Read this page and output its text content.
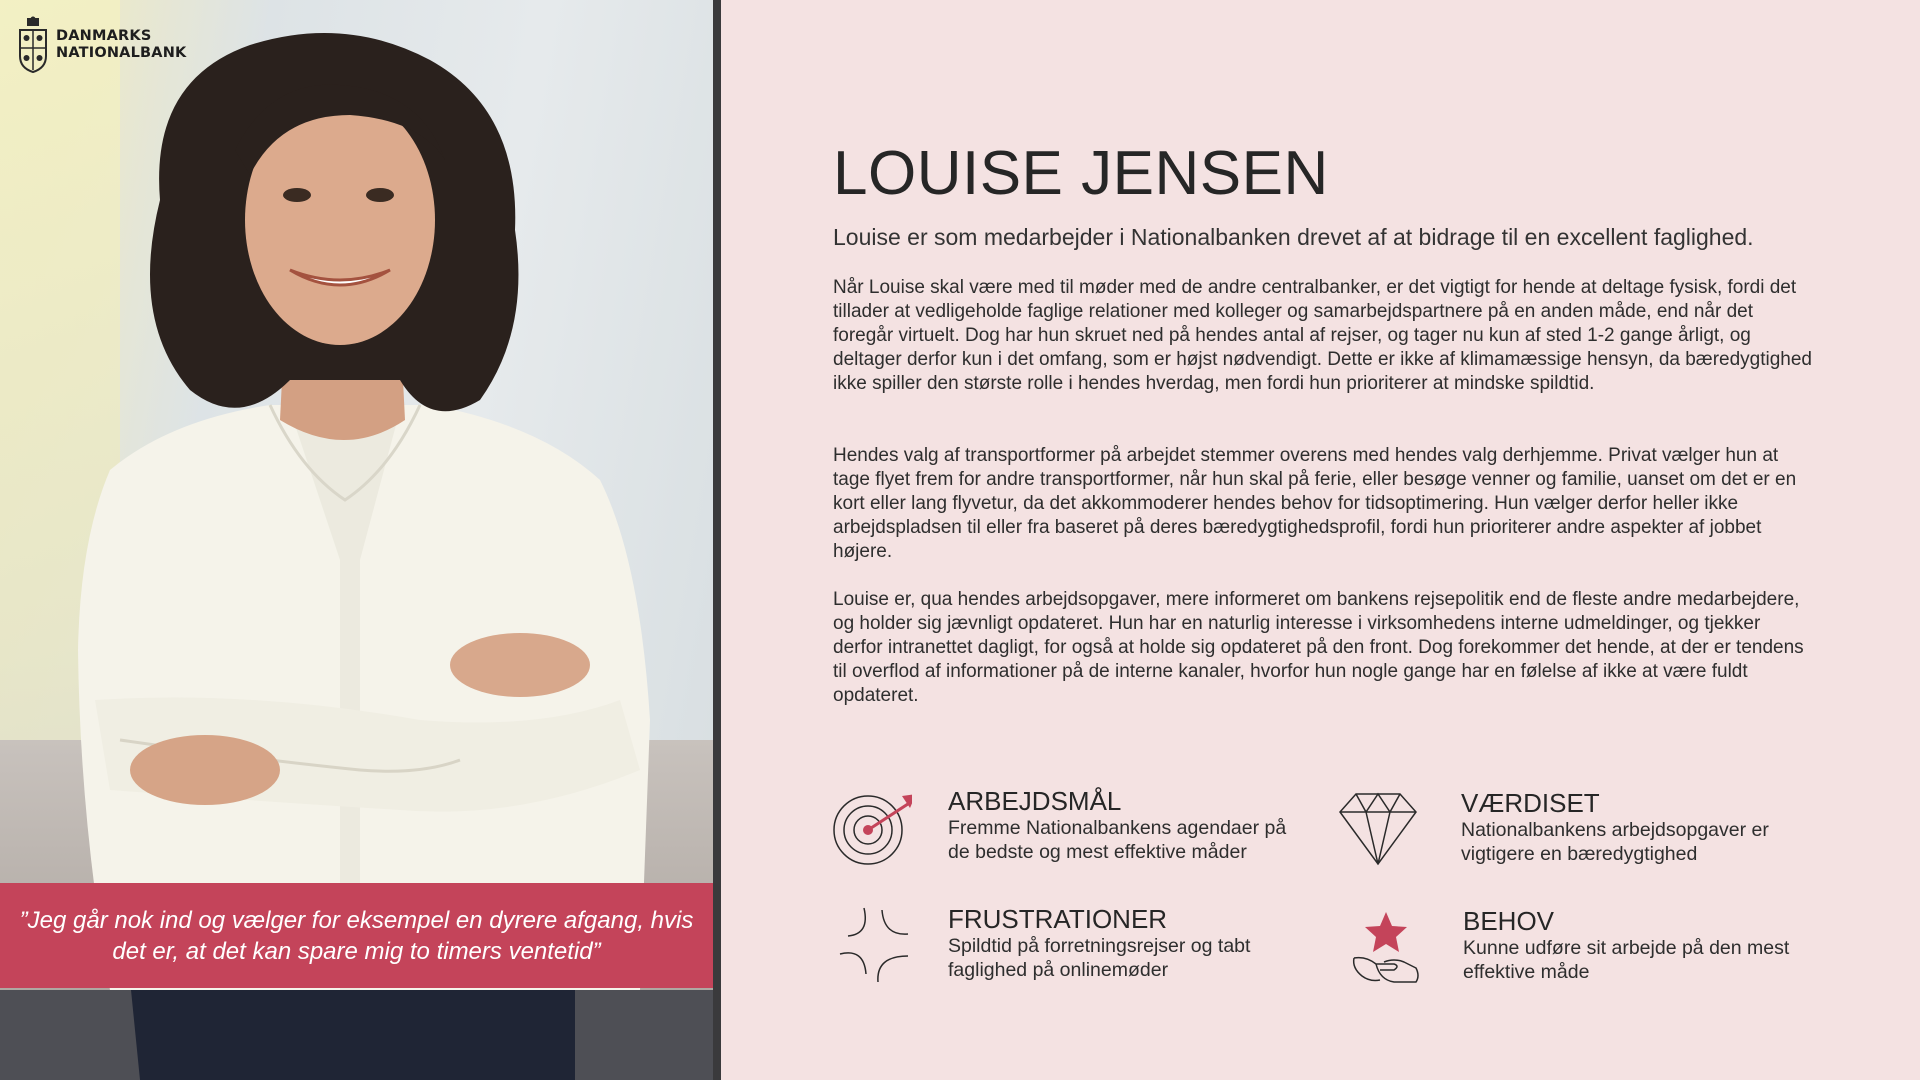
DANMARKS
NATIONALBANK

”Jeg går nok ind og vælger for eksempel en dyrere afgang, hvis det er, at det kan spare mig to timers ventetid”

LOUISE JENSEN
Louise er som medarbejder i Nationalbanken drevet af at bidrage til en excellent faglighed.

Når Louise skal være med til møder med de andre centralbanker, er det vigtigt for hende at deltage fysisk, fordi det tillader at vedligeholde faglige relationer med kolleger og samarbejdspartnere på en anden måde, end når det foregår virtuelt. Dog har hun skruet ned på hendes antal af rejser, og tager nu kun af sted 1-2 gange årligt, og deltager derfor kun i det omfang, som er højst nødvendigt. Dette er ikke af klimamæssige hensyn, da bæredygtighed ikke spiller den største rolle i hendes hverdag, men fordi hun prioriterer at mindske spildtid.

Hendes valg af transportformer på arbejdet stemmer overens med hendes valg derhjemme. Privat vælger hun at tage flyet frem for andre transportformer, når hun skal på ferie, eller besøge venner og familie, uanset om det er en kort eller lang flyvetur, da det akkommoderer hendes behov for tidsoptimering. Hun vælger derfor heller ikke arbejdspladsen til eller fra baseret på deres bæredygtighedsprofil, fordi hun prioriterer andre aspekter af jobbet højere.

Louise er, qua hendes arbejdsopgaver, mere informeret om bankens rejsepolitik end de fleste andre medarbejdere, og holder sig jævnligt opdateret. Hun har en naturlig interesse i virksomhedens interne udmeldinger, og tjekker derfor intranettet dagligt, for også at holde sig opdateret på den front. Dog forekommer det hende, at der er tendens til overflod af informationer på de interne kanaler, hvorfor hun nogle gange har en følelse af ikke at være fuldt opdateret.

ARBEJDSMÅL

Fremme Nationalbankens agendaer på de bedste og mest effektive måder

VÆRDISET

Nationalbankens arbejdsopgaver er vigtigere en bæredygtighed

FRUSTRATIONER

Spildtid på forretningsrejser og tabt faglighed på onlinemøder

BEHOV

Kunne udføre sit arbejde på den mest effektive måde
